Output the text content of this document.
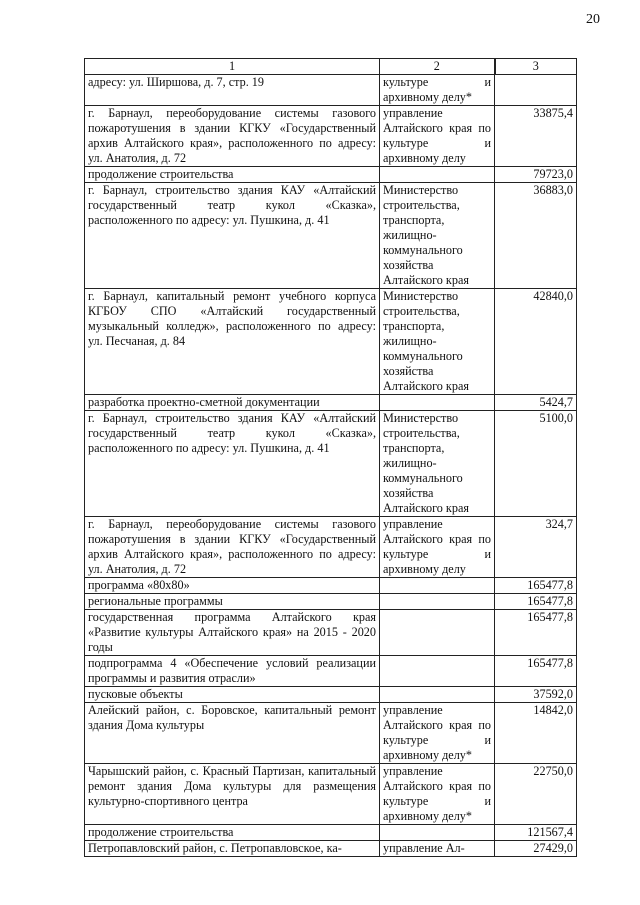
20
1	2	3
адресу: ул. Ширшова, д. 7, стр. 19	культуре и архивному делу*	
г. Барнаул, переоборудование системы газового пожаротушения в здании КГКУ «Государственный архив Алтайского края», расположенного по адресу: ул. Анатолия, д. 72	управление Алтайского края по культуре и архивному делу	33875,4
продолжение строительства		79723,0
г. Барнаул, строительство здания КАУ «Алтайский государственный театр кукол «Сказка», расположенного по адресу: ул. Пушкина, д. 41	Министерство строительства, транспорта, жилищно-коммунального хозяйства Алтайского края	36883,0
г. Барнаул, капитальный ремонт учебного корпуса КГБОУ СПО «Алтайский государственный музыкальный колледж», расположенного по адресу: ул. Песчаная, д. 84	Министерство строительства, транспорта, жилищно-коммунального хозяйства Алтайского края	42840,0
разработка проектно-сметной документации		5424,7
г. Барнаул, строительство здания КАУ «Алтайский государственный театр кукол «Сказка», расположенного по адресу: ул. Пушкина, д. 41	Министерство строительства, транспорта, жилищно-коммунального хозяйства Алтайского края	5100,0
г. Барнаул, переоборудование системы газового пожаротушения в здании КГКУ «Государственный архив Алтайского края», расположенного по адресу: ул. Анатолия, д. 72	управление Алтайского края по культуре и архивному делу	324,7
программа «80х80»		165477,8
региональные программы		165477,8
государственная программа Алтайского края «Развитие культуры Алтайского края» на 2015 - 2020 годы		165477,8
подпрограмма 4 «Обеспечение условий реализации программы и развития отрасли»		165477,8
пусковые объекты		37592,0
Алейский район, с. Боровское, капитальный ремонт здания Дома культуры	управление Алтайского края по культуре и архивному делу*	14842,0
Чарышский район, с. Красный Партизан, капитальный ремонт здания Дома культуры для размещения культурно-спортивного центра	управление Алтайского края по культуре и архивному делу*	22750,0
продолжение строительства		121567,4
Петропавловский район, с. Петропавловское, ка-	управление Ал-	27429,0
